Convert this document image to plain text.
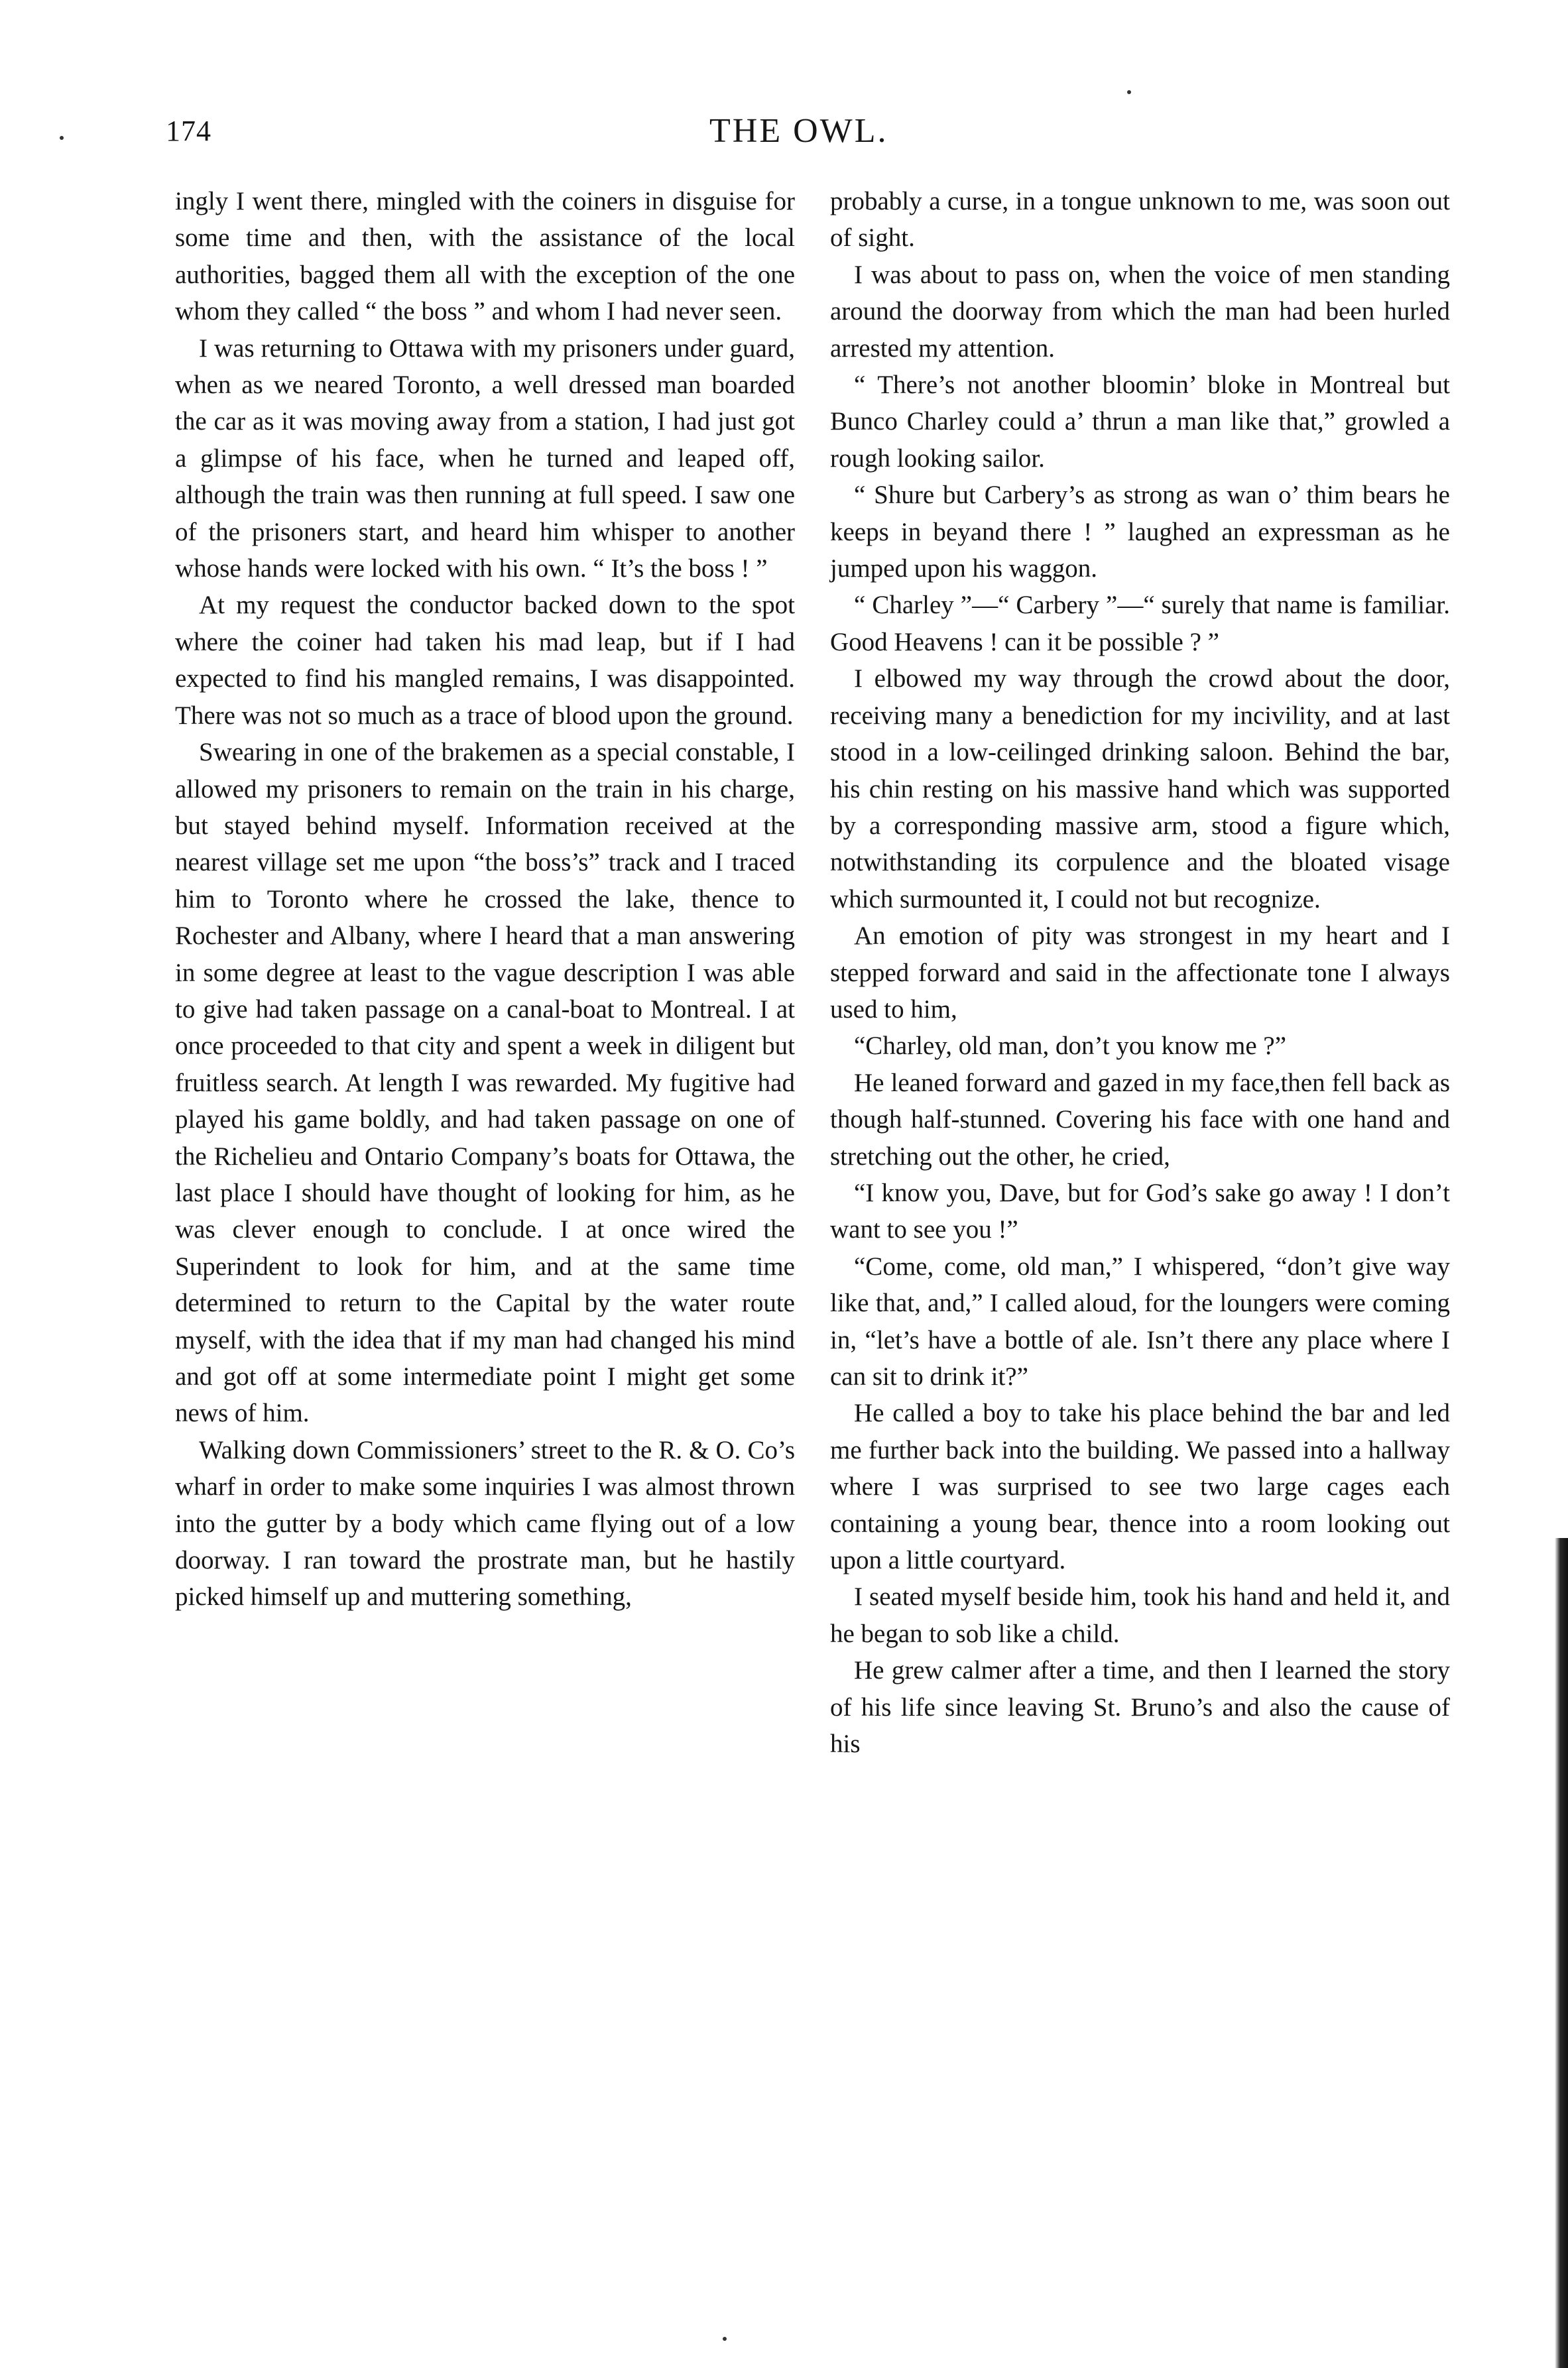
174	THE OWL.

ingly I went there, mingled with the coiners in disguise for some time and then, with the assistance of the local authorities, bagged them all with the exception of the one whom they called “ the boss ” and whom I had never seen.

I was returning to Ottawa with my prisoners under guard, when as we neared Toronto, a well dressed man boarded the car as it was moving away from a station, I had just got a glimpse of his face, when he turned and leaped off, although the train was then running at full speed. I saw one of the prisoners start, and heard him whisper to another whose hands were locked with his own. “ It’s the boss ! ”

At my request the conductor backed down to the spot where the coiner had taken his mad leap, but if I had expected to find his mangled remains, I was disappointed. There was not so much as a trace of blood upon the ground.

Swearing in one of the brakemen as a special constable, I allowed my prisoners to remain on the train in his charge, but stayed behind myself. Information received at the nearest village set me upon “the boss’s” track and I traced him to Toronto where he crossed the lake, thence to Rochester and Albany, where I heard that a man answering in some degree at least to the vague description I was able to give had taken passage on a canal-boat to Montreal. I at once proceeded to that city and spent a week in diligent but fruitless search. At length I was rewarded. My fugitive had played his game boldly, and had taken passage on one of the Richelieu and Ontario Company’s boats for Ottawa, the last place I should have thought of looking for him, as he was clever enough to conclude. I at once wired the Superindent to look for him, and at the same time determined to return to the Capital by the water route myself, with the idea that if my man had changed his mind and got off at some intermediate point I might get some news of him.

Walking down Commissioners’ street to the R. & O. Co’s wharf in order to make some inquiries I was almost thrown into the gutter by a body which came flying out of a low doorway. I ran toward the prostrate man, but he hastily picked himself up and muttering something,

probably a curse, in a tongue unknown to me, was soon out of sight.

I was about to pass on, when the voice of men standing around the doorway from which the man had been hurled arrested my attention.

“ There’s not another bloomin’ bloke in Montreal but Bunco Charley could a’ thrun a man like that,” growled a rough looking sailor.

“ Shure but Carbery’s as strong as wan o’ thim bears he keeps in beyand there ! ” laughed an expressman as he jumped upon his waggon.

“ Charley ”—“ Carbery ”—“ surely that name is familiar. Good Heavens ! can it be possible ? ”

I elbowed my way through the crowd about the door, receiving many a benediction for my incivility, and at last stood in a low-ceilinged drinking saloon. Behind the bar, his chin resting on his massive hand which was supported by a corresponding massive arm, stood a figure which, notwithstanding its corpulence and the bloated visage which surmounted it, I could not but recognize.

An emotion of pity was strongest in my heart and I stepped forward and said in the affectionate tone I always used to him,

“Charley, old man, don’t you know me ?”

He leaned forward and gazed in my face,then fell back as though half-stunned. Covering his face with one hand and stretching out the other, he cried,

“I know you, Dave, but for God’s sake go away ! I don’t want to see you !”

“Come, come, old man,” I whispered, “don’t give way like that, and,” I called aloud, for the loungers were coming in, “let’s have a bottle of ale. Isn’t there any place where I can sit to drink it?”

He called a boy to take his place behind the bar and led me further back into the building. We passed into a hallway where I was surprised to see two large cages each containing a young bear, thence into a room looking out upon a little courtyard.

I seated myself beside him, took his hand and held it, and he began to sob like a child.

He grew calmer after a time, and then I learned the story of his life since leaving St. Bruno’s and also the cause of his
